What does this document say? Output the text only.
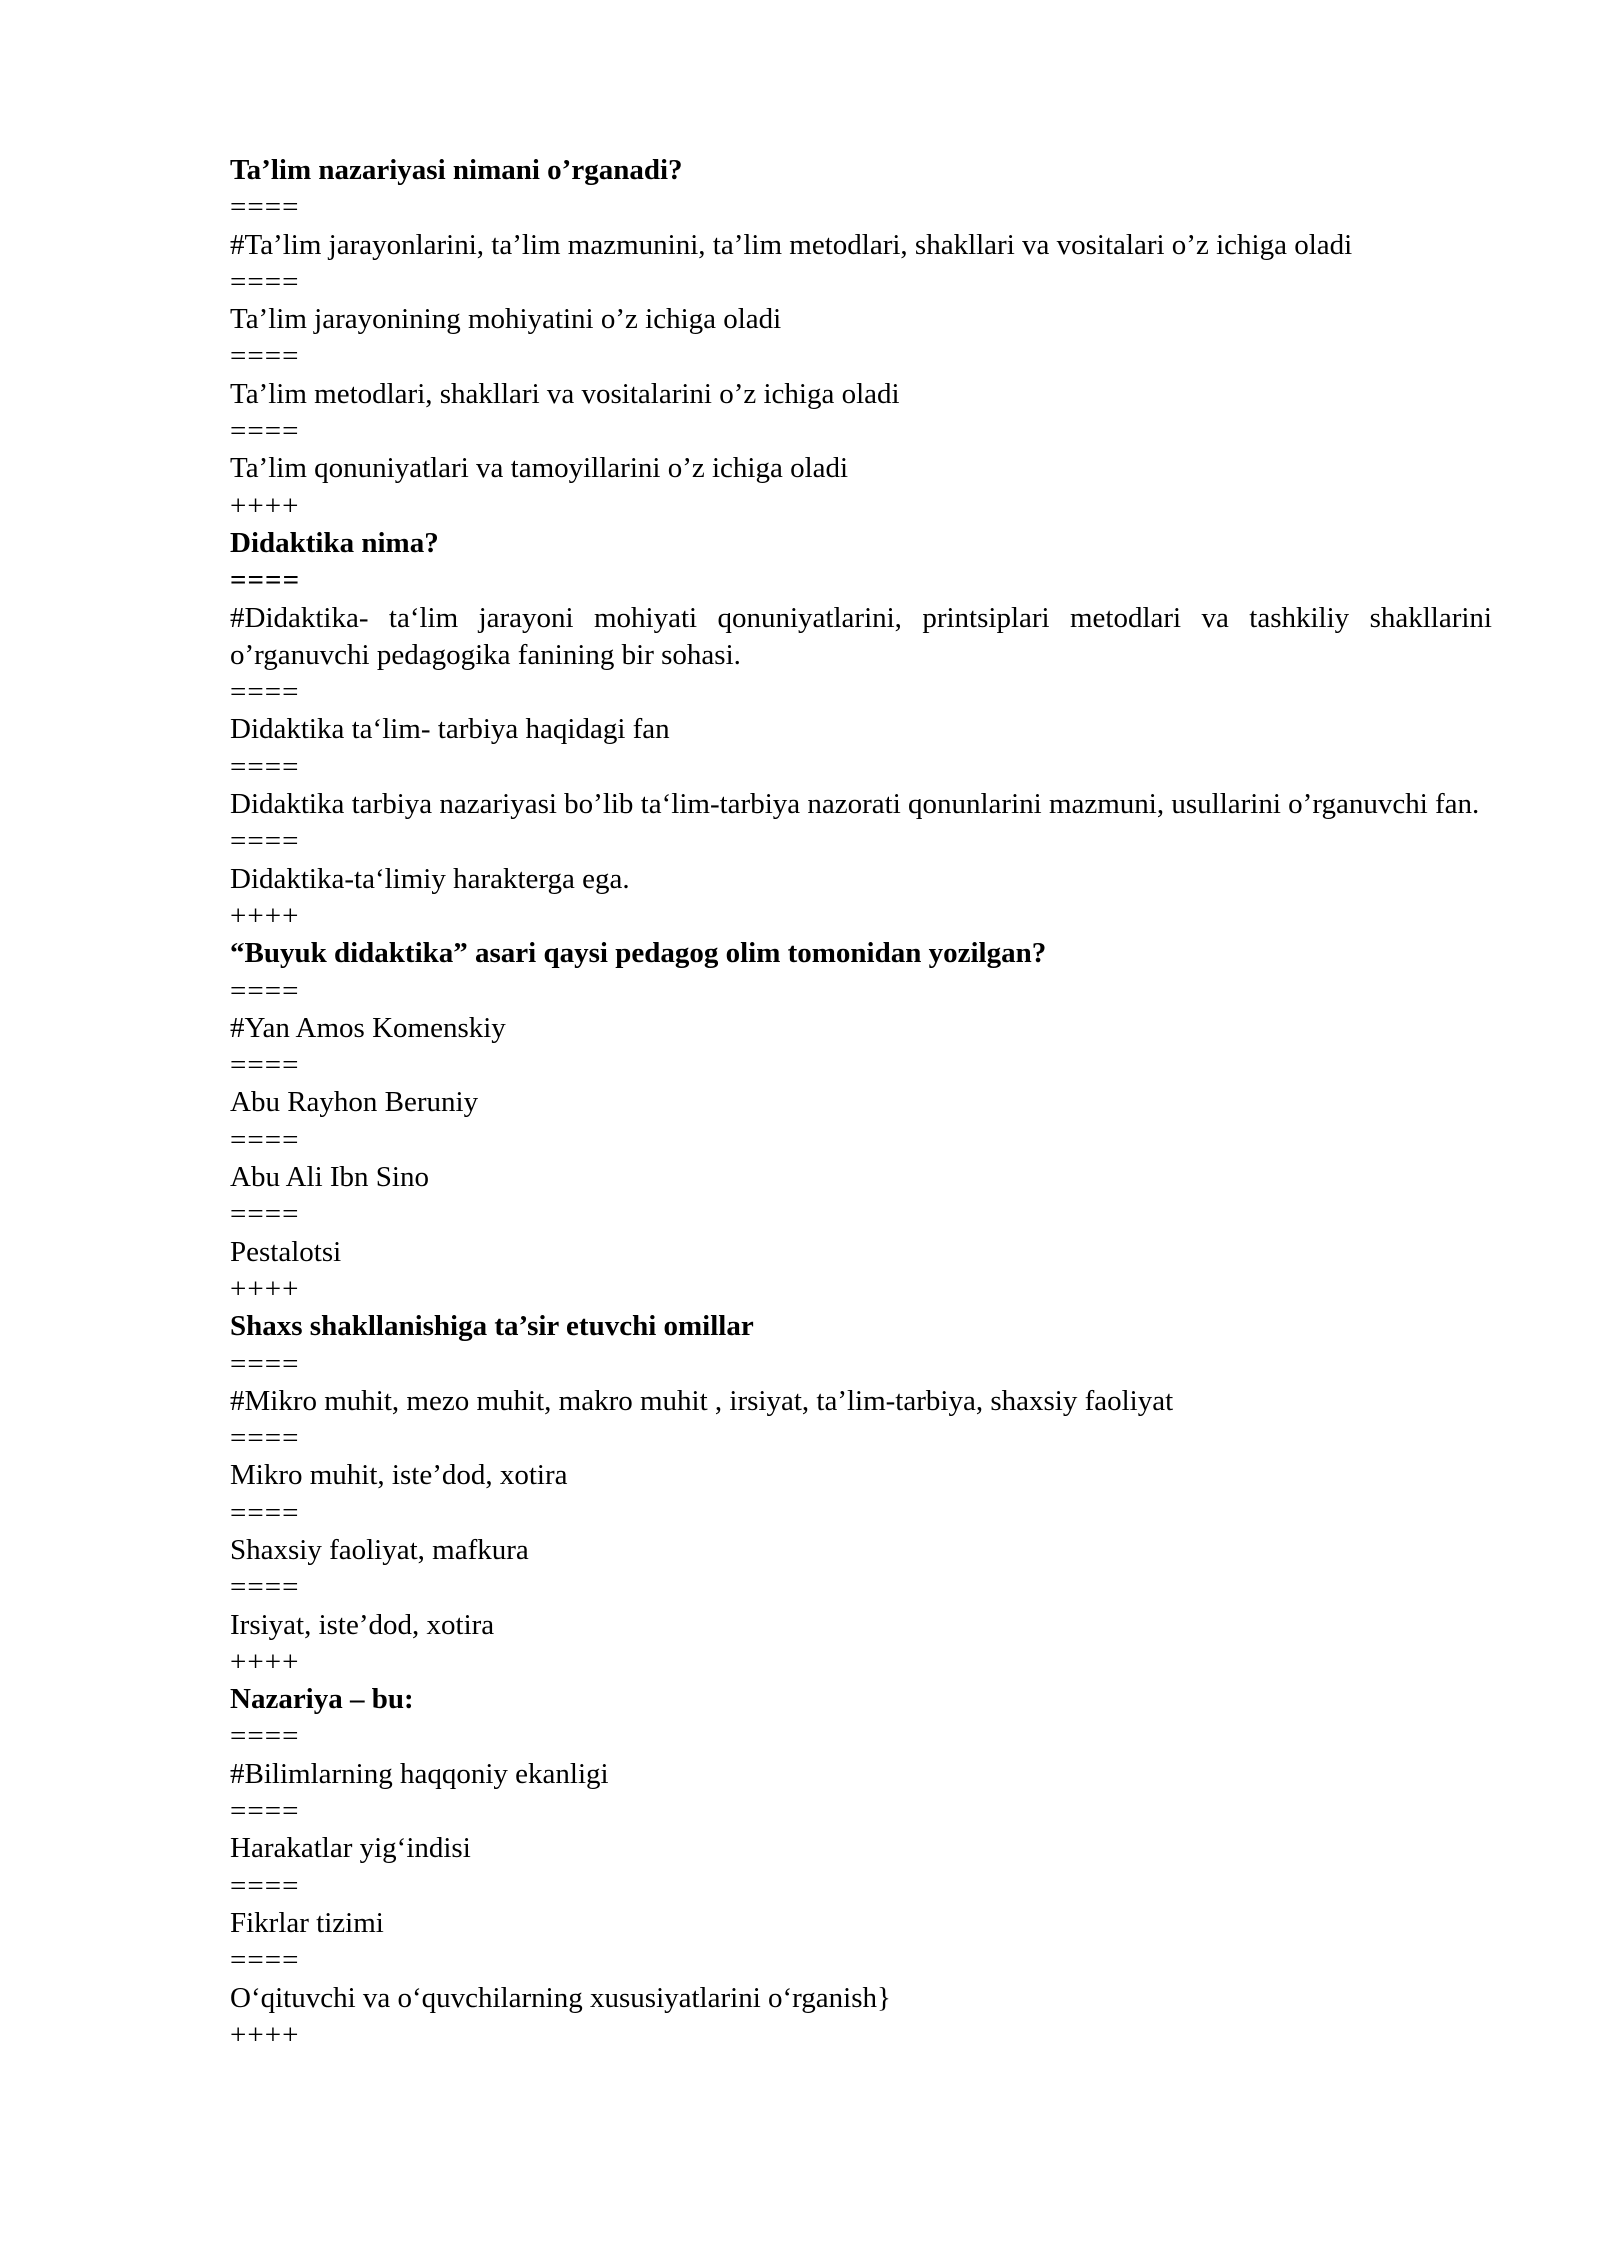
Ta’lim nazariyasi nimani o’rganadi?

====

#Ta’lim jarayonlarini, ta’lim mazmunini, ta’lim metodlari, shakllari va vositalari o’z ichiga oladi

====

Ta’lim jarayonining mohiyatini o’z ichiga oladi

====

Ta’lim metodlari, shakllari va vositalarini o’z ichiga oladi

====

Ta’lim qonuniyatlari va tamoyillarini o’z ichiga oladi

++++

Didaktika nima?

====

#Didaktika- ta‘lim jarayoni mohiyati qonuniyatlarini, printsiplari metodlari va tashkiliy shakllarini o’rganuvchi pedagogika fanining bir sohasi.

====

Didaktika ta‘lim- tarbiya haqidagi fan

====

Didaktika tarbiya nazariyasi bo’lib ta‘lim-tarbiya nazorati qonunlarini mazmuni, usullarini o’rganuvchi fan.

====

Didaktika-ta‘limiy harakterga ega.

++++

“Buyuk didaktika” asari qaysi pedagog olim tomonidan yozilgan?

====

#Yan Amos Komenskiy

====

Abu Rayhon Beruniy

====

Abu Ali Ibn Sino

====

Pestalotsi

++++

Shaxs shakllanishiga ta’sir etuvchi omillar

====

#Mikro muhit, mezo muhit, makro muhit , irsiyat, ta’lim-tarbiya, shaxsiy faoliyat

====

Mikro muhit, iste’dod, xotira

====

Shaxsiy faoliyat, mafkura

====

Irsiyat, iste’dod, xotira

++++

Nazariya – bu:

====

#Bilimlarning haqqoniy ekanligi

====

Harakatlar yig‘indisi

====

Fikrlar tizimi

====

O‘qituvchi va o‘quvchilarning xususiyatlarini o‘rganish}

++++
